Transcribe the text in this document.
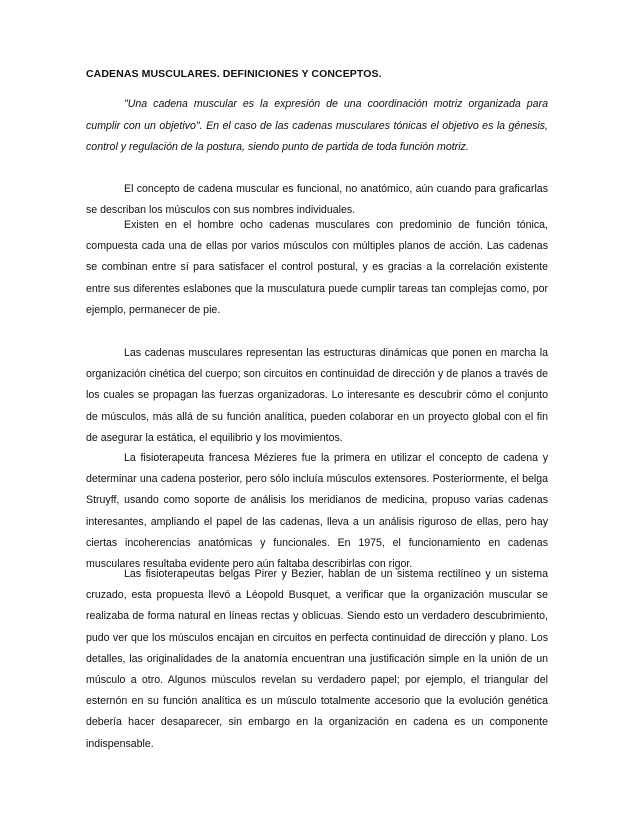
CADENAS MUSCULARES. DEFINICIONES Y CONCEPTOS.

"Una cadena muscular es la expresión de una coordinación motriz organizada para cumplir con un objetivo". En el caso de las cadenas musculares tónicas el objetivo es la génesis, control y regulación de la postura, siendo punto de partida de toda función motriz.

El concepto de cadena muscular es funcional, no anatómico, aún cuando para graficarlas se describan los músculos con sus nombres individuales.

Existen en el hombre ocho cadenas musculares con predominio de función tónica, compuesta cada una de ellas por varios músculos con múltiples planos de acción. Las cadenas se combinan entre sí para satisfacer el control postural, y es gracias a la correlación existente entre sus diferentes eslabones que la musculatura puede cumplir tareas tan complejas como, por ejemplo, permanecer de pie.

Las cadenas musculares representan las estructuras dinámicas que ponen en marcha la organización cinética del cuerpo; son circuitos en continuidad de dirección y de planos a través de los cuales se propagan las fuerzas organizadoras. Lo interesante es descubrir cómo el conjunto de músculos, más allá de su función analítica, pueden colaborar en un proyecto global con el fin de asegurar la estática, el equilibrio y los movimientos.

La fisioterapeuta francesa Mézieres fue la primera en utilizar el concepto de cadena y determinar una cadena posterior, pero sólo incluía músculos extensores. Posteriormente, el belga Struyff, usando como soporte de análisis los meridianos de medicina, propuso varias cadenas interesantes, ampliando el papel de las cadenas, lleva a un análisis riguroso de ellas, pero hay ciertas incoherencias anatómicas y funcionales. En 1975, el funcionamiento en cadenas musculares resultaba evidente pero aún faltaba describirlas con rigor.

Las fisioterapeutas belgas Pirer y Bezier, hablan de un sistema rectilíneo y un sistema cruzado, esta propuesta llevó a Léopold Busquet, a verificar que la organización muscular se realizaba de forma natural en líneas rectas y oblicuas. Siendo esto un verdadero descubrimiento, pudo ver que los músculos encajan en circuitos en perfecta continuidad de dirección y plano. Los detalles, las originalidades de la anatomía encuentran una justificación simple en la unión de un músculo a otro. Algunos músculos revelan su verdadero papel; por ejemplo, el triangular del esternón en su función analítica es un músculo totalmente accesorio que la evolución genética debería hacer desaparecer, sin embargo en la organización en cadena es un componente indispensable.
